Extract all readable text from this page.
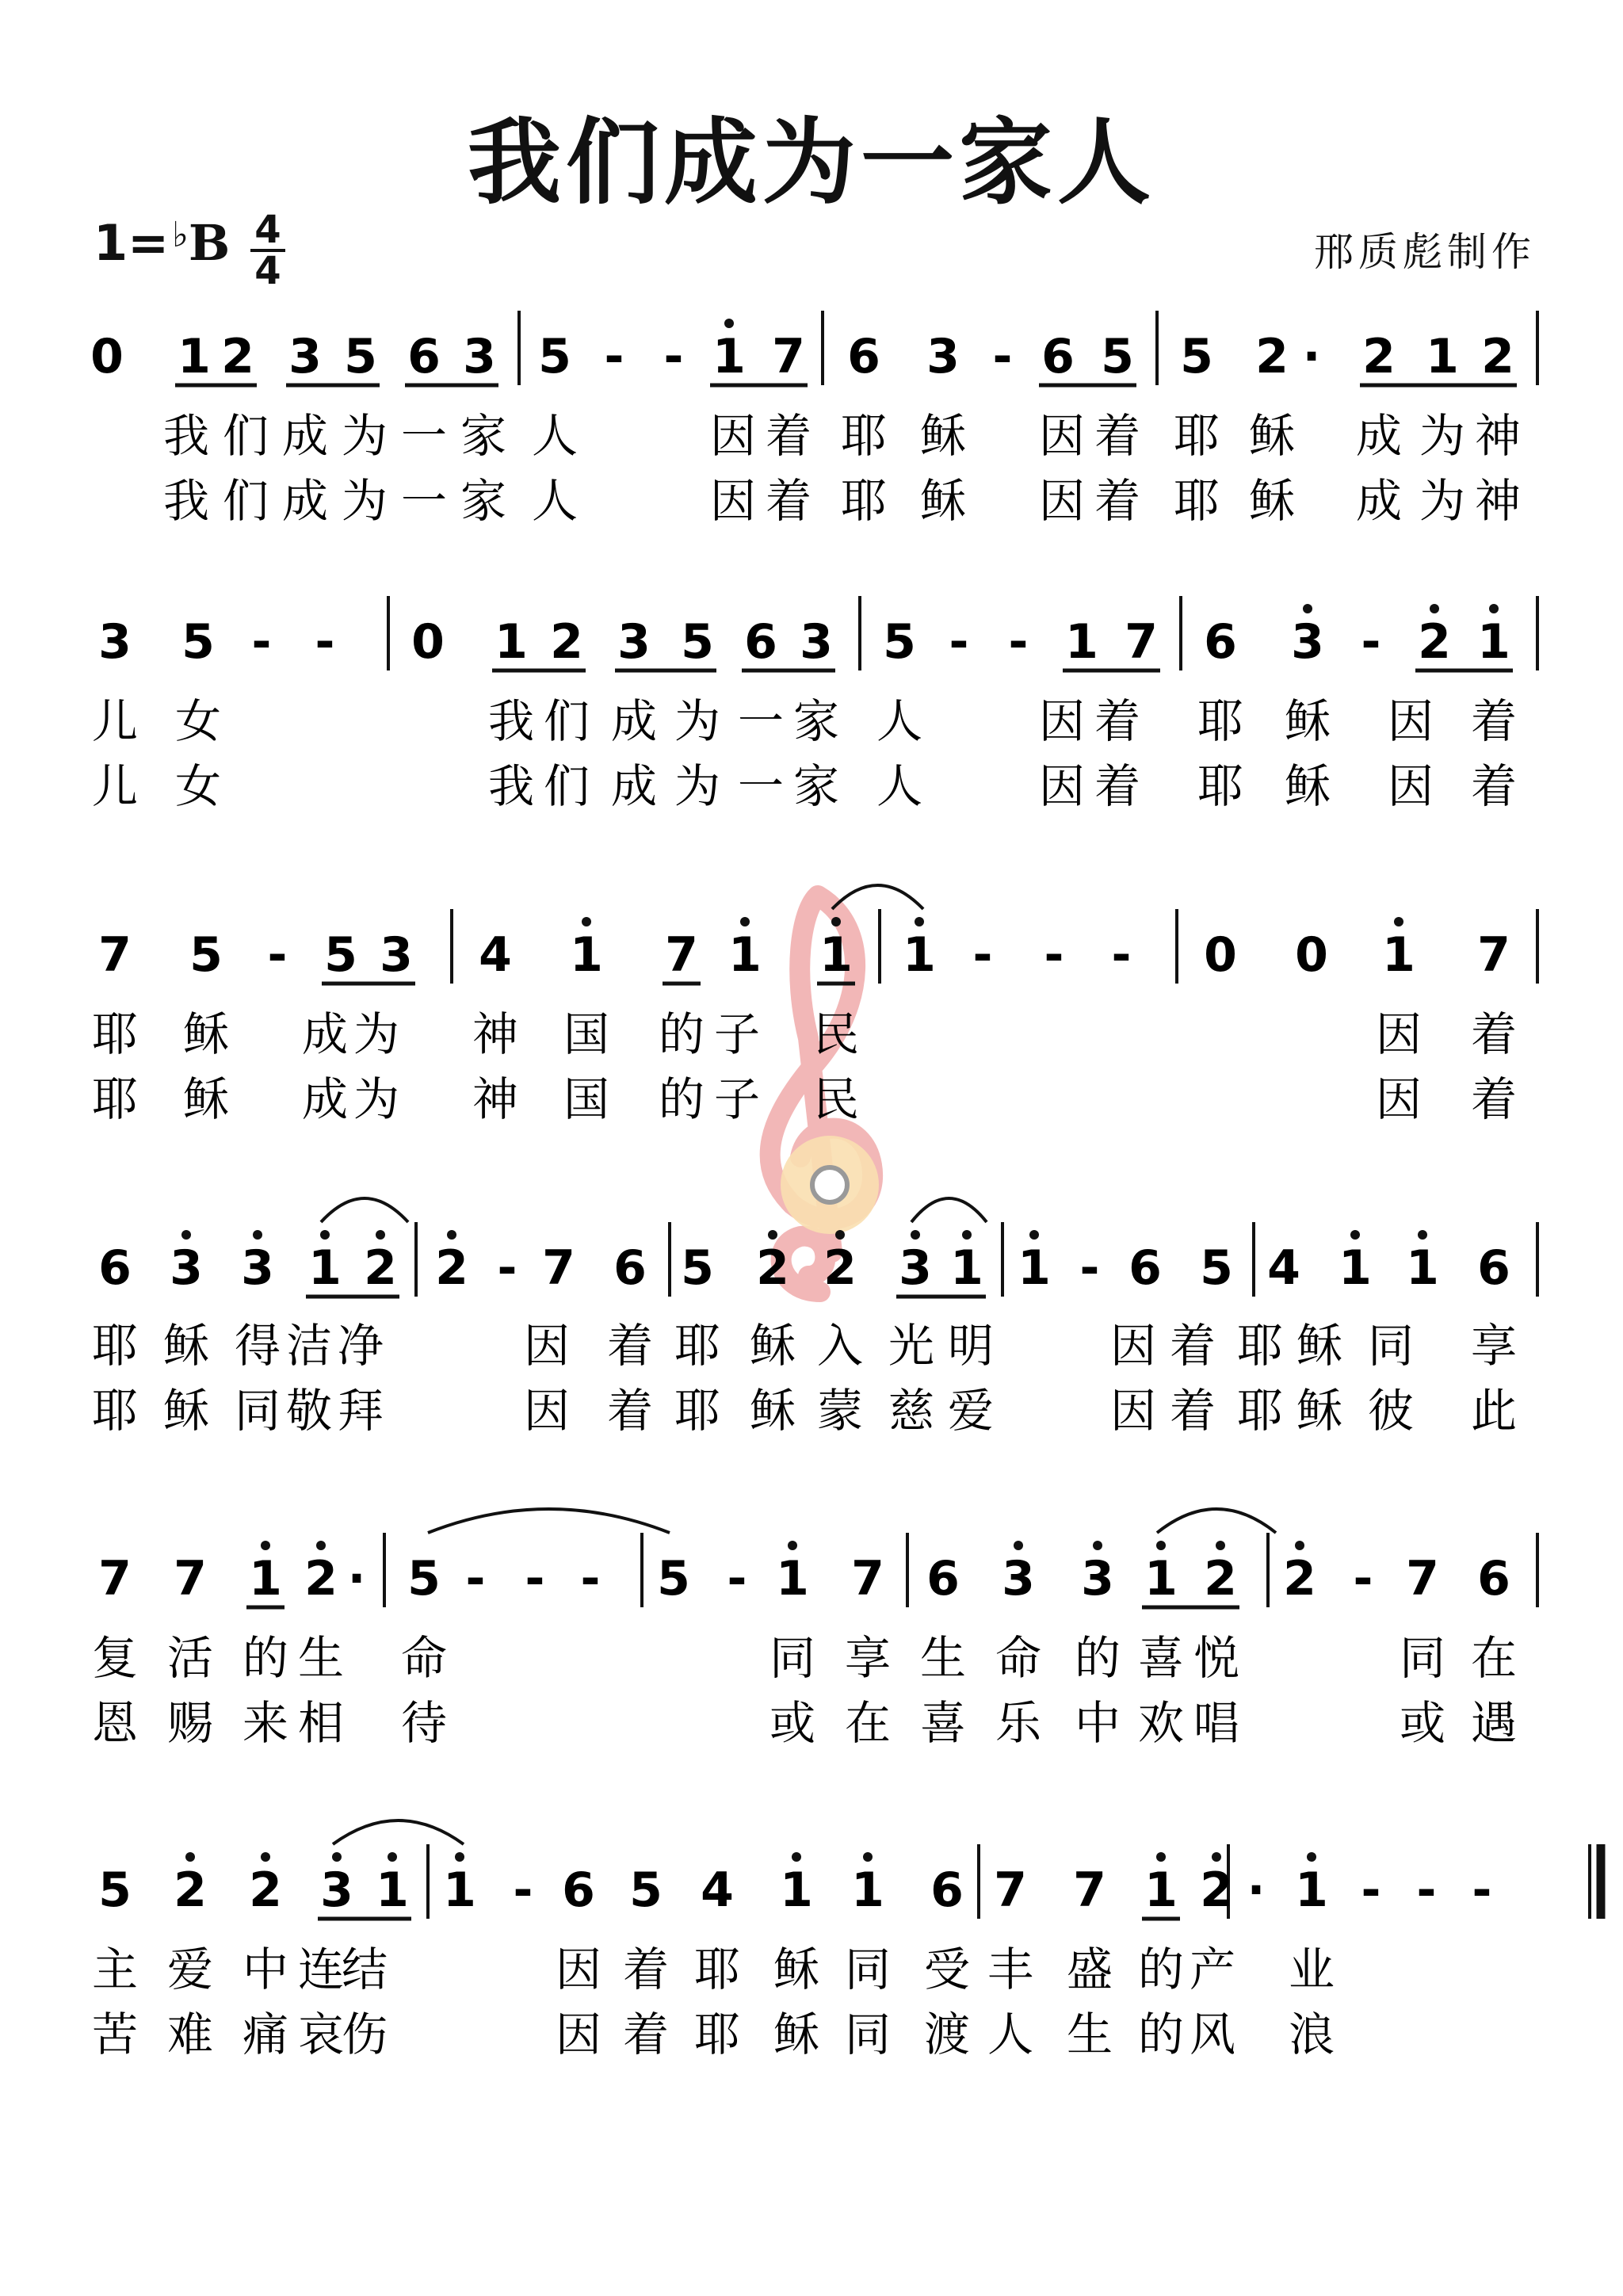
我们成为一家人
1=♭B 4
4	邢质彪制作
0 1 2 3 5 6 3 5 - - 1 7 6 3 - 6 5 5 2 · 2 1 2
我 们 成 为 一 家 人	因 着 耶 稣 因 着 耶 稣 成 为 神
我 们 成 为 一 家 人	因 着 耶 稣 因 着 耶 稣 成 为 神
3 5 - - 0 1 2 3 5 6 3 5 - - 1 7 6 3 - 2 1
儿 女	我 们 成 为 一 家 人	因 着 耶 稣 因 着
儿 女	我 们 成 为 一 家 人	因 着 耶 稣 因 着
7 5 - 5 3 4 1 7 1 1 1 - - - 0 0 1 7
耶 稣 成 为 神 国 的 子 民	因 着
耶 稣 成 为 神 国 的 子 民	因 着
6 3 3 1 2 2 - 7 6 5 2 2 3 1 1 - 6 5 4 1 1 6
耶 稣 得 洁 净	因 着 耶 稣 入 光 明	因 着 耶 稣 同 享
耶 稣 同 敬 拜	因 着 耶 稣 蒙 慈 爱	因 着 耶 稣 彼 此
7 7 1 2 · 5 - - - 5 - 1 7 6 3 3 1 2 2 - 7 6
复 活 的 生 命	同 享 生 命 的 喜 悦	同 在
恩 赐 来 相 待	或 在 喜 乐 中 欢 唱	或 遇
5 2 2 3 1 1 - 6 5 4 1 1 6 7 7 1 2 · 1 - - -
主 爱 中 连
结	因 着 耶 稣 同 受 丰 盛 的 产 业
苦 难 痛 哀
伤	因 着 耶 稣 同 渡 人 生 的 风 浪
